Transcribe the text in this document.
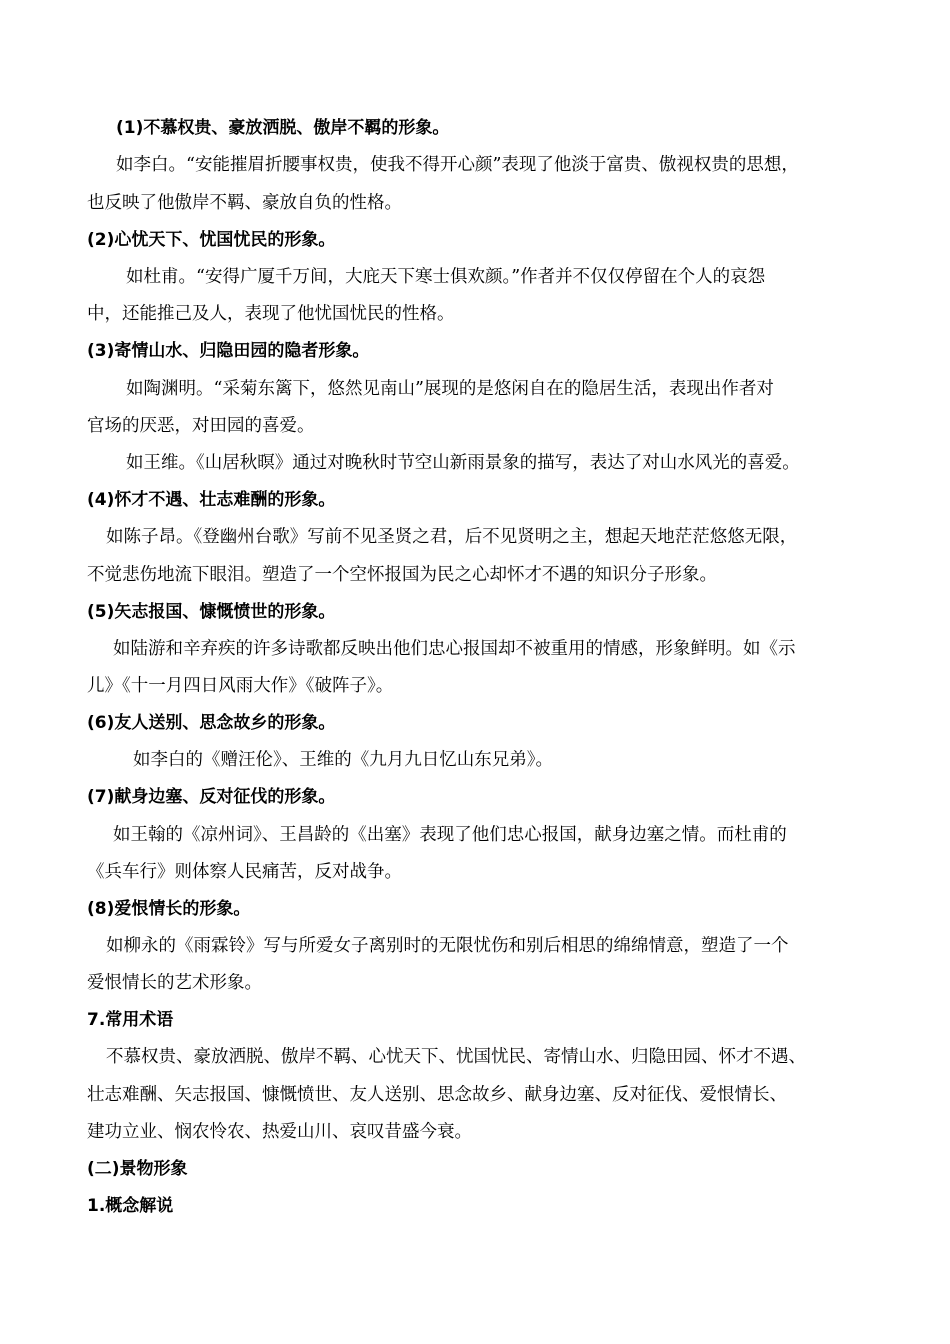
(1)不慕权贵、豪放洒脱、傲岸不羁的形象。
如李白。“安能摧眉折腰事权贵，使我不得开心颜”表现了他淡于富贵、傲视权贵的思想，
也反映了他傲岸不羁、豪放自负的性格。
(2)心忧天下、忧国忧民的形象。
如杜甫。“安得广厦千万间，大庇天下寒士俱欢颜。”作者并不仅仅停留在个人的哀怨
中，还能推己及人，表现了他忧国忧民的性格。
(3)寄情山水、归隐田园的隐者形象。
如陶渊明。“采菊东篱下，悠然见南山”展现的是悠闲自在的隐居生活，表现出作者对
官场的厌恶，对田园的喜爱。
如王维。《山居秋暝》通过对晚秋时节空山新雨景象的描写，表达了对山水风光的喜爱。
(4)怀才不遇、壮志难酬的形象。
如陈子昂。《登幽州台歌》写前不见圣贤之君，后不见贤明之主，想起天地茫茫悠悠无限，
不觉悲伤地流下眼泪。塑造了一个空怀报国为民之心却怀才不遇的知识分子形象。
(5)矢志报国、慷慨愤世的形象。
如陆游和辛弃疾的许多诗歌都反映出他们忠心报国却不被重用的情感，形象鲜明。如《示
儿》《十一月四日风雨大作》《破阵子》。
(6)友人送别、思念故乡的形象。
如李白的《赠汪伦》、王维的《九月九日忆山东兄弟》。
(7)献身边塞、反对征伐的形象。
如王翰的《凉州词》、王昌龄的《出塞》表现了他们忠心报国，献身边塞之情。而杜甫的
《兵车行》则体察人民痛苦，反对战争。
(8)爱恨情长的形象。
如柳永的《雨霖铃》写与所爱女子离别时的无限忧伤和别后相思的绵绵情意，塑造了一个
爱恨情长的艺术形象。
7.常用术语
不慕权贵、豪放洒脱、傲岸不羁、心忧天下、忧国忧民、寄情山水、归隐田园、怀才不遇、
壮志难酬、矢志报国、慷慨愤世、友人送别、思念故乡、献身边塞、反对征伐、爱恨情长、
建功立业、悯农怜农、热爱山川、哀叹昔盛今衰。
(二)景物形象
1.概念解说
